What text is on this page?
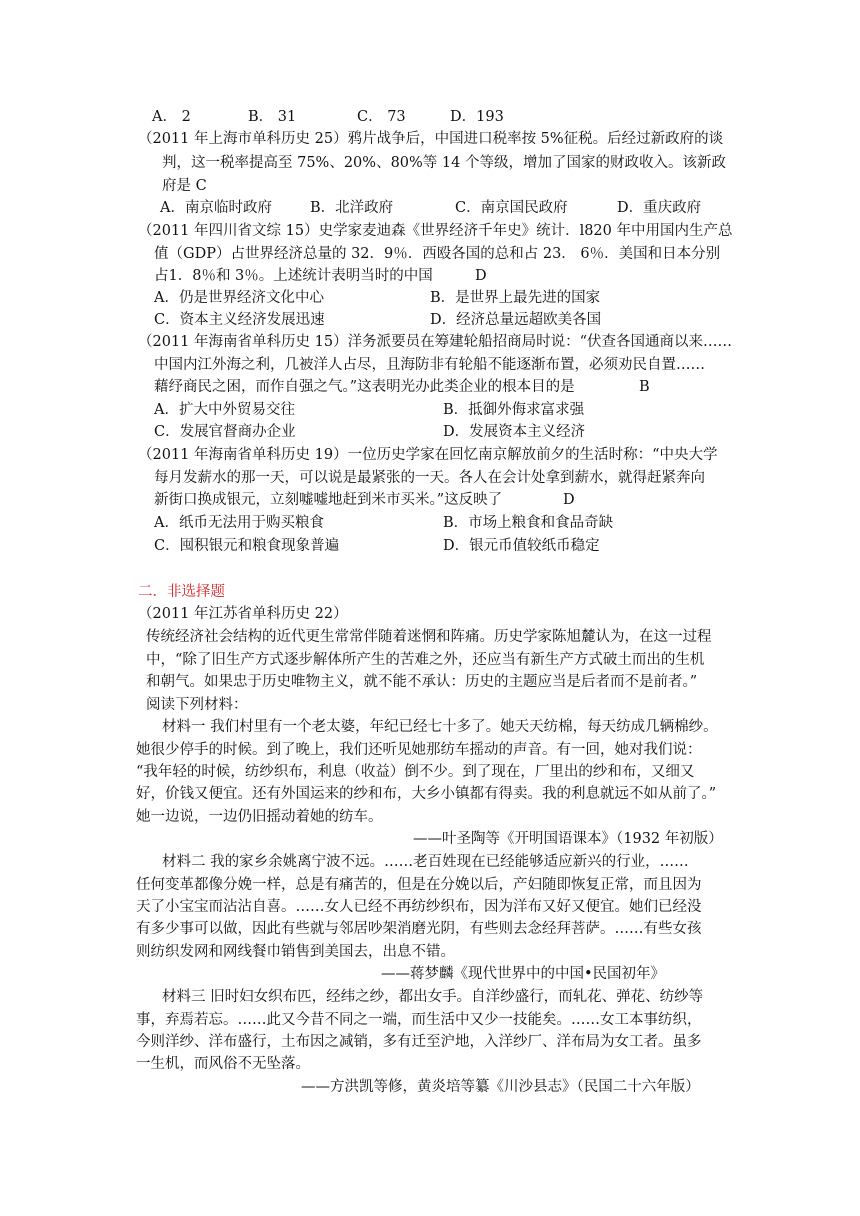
A． 2	B． 31	C． 73	D．193
（2011 年上海市单科历史 25）鸦片战争后，中国进口税率按 5%征税。后经过新政府的谈
判，这一税率提高至 75%、20%、80%等 14 个等级，增加了国家的财政收入。该新政
府是 C
A．南京临时政府	B．北洋政府	C．南京国民政府	D．重庆政府
（2011 年四川省文综 15）史学家麦迪森《世界经济千年史》统计．l820 年中用国内生产总
值（GDP）占世界经济总量的 32．9％．西殴各国的总和占 23． 6％．美国和日本分别
占1．8％和 3％。上述统计表明当时的中国	D
A．仍是世界经济文化中心	B．是世界上最先进的国家
C．资本主义经济发展迅速	D．经济总量远超欧美各国
（2011 年海南省单科历史 15）洋务派要员在筹建轮船招商局时说：“伏查各国通商以来……
中国内江外海之利，几被洋人占尽，且海防非有轮船不能逐渐布置，必须劝民自置……
藉纾商民之困，而作自强之气。”这表明光办此类企业的根本目的是	B
A．扩大中外贸易交往	B．抵御外侮求富求强
C．发展官督商办企业	D．发展资本主义经济
（2011 年海南省单科历史 19）一位历史学家在回忆南京解放前夕的生活时称：“中央大学
每月发薪水的那一天，可以说是最紧张的一天。各人在会计处拿到薪水，就得赶紧奔向
新街口换成银元，立刻嘘嘘地赶到米市买米。”这反映了	D
A．纸币无法用于购买粮食	B．市场上粮食和食品奇缺
C．囤积银元和粮食现象普遍	D．银元币值较纸币稳定
二．非选择题
（2011 年江苏省单科历史 22）
传统经济社会结构的近代更生常常伴随着迷惘和阵痛。历史学家陈旭麓认为，在这一过程
中，“除了旧生产方式逐步解体所产生的苦难之外，还应当有新生产方式破土而出的生机
和朝气。如果忠于历史唯物主义，就不能不承认：历史的主题应当是后者而不是前者。”
阅读下列材料：
材料一 我们村里有一个老太婆，年纪已经七十多了。她天天纺棉，每天纺成几辆棉纱。
她很少停手的时候。到了晚上，我们还听见她那纺车摇动的声音。有一回，她对我们说：
“我年轻的时候，纺纱织布，利息（收益）倒不少。到了现在，厂里出的纱和布，又细又
好，价钱又便宜。还有外国运来的纱和布，大乡小镇都有得卖。我的利息就远不如从前了。”
她一边说，一边仍旧摇动着她的纺车。
——叶圣陶等《开明国语课本》（1932 年初版）
材料二 我的家乡余姚离宁波不远。……老百姓现在已经能够适应新兴的行业，……
任何变革都像分娩一样，总是有痛苦的，但是在分娩以后，产妇随即恢复正常，而且因为
天了小宝宝而沾沾自喜。……女人已经不再纺纱织布，因为洋布又好又便宜。她们已经没
有多少事可以做，因此有些就与邻居吵架消磨光阴，有些则去念经拜菩萨。……有些女孩
则纺织发网和网线餐巾销售到美国去，出息不错。
——蒋梦麟《现代世界中的中国•民国初年》
材料三 旧时妇女织布匹，经纬之纱，都出女手。自洋纱盛行，而轧花、弹花、纺纱等
事，弃焉若忘。……此又今昔不同之一端，而生活中又少一技能矣。……女工本事纺织，
今则洋纱、洋布盛行，土布因之减销，多有迁至沪地，入洋纱厂、洋布局为女工者。虽多
一生机，而风俗不无坠落。
——方洪凯等修，黄炎培等纂《川沙县志》（民国二十六年版）
